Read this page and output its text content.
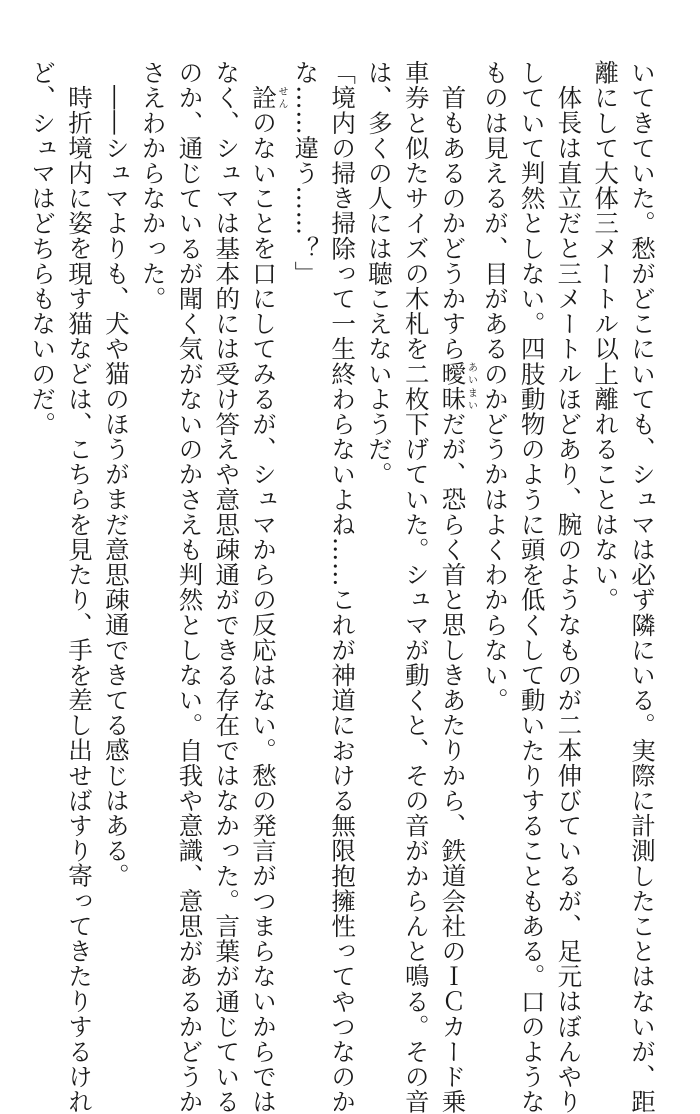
いてきていた。愁がどこにいても、シュマは必ず隣にいる。実際に計測したことはないが、距
離にして大体三メートル以上離れることはない。
体長は直立だと三メートルほどあり、腕のようなものが二本伸びているが、足元はぼんやり
していて判然としない。四肢動物のように頭を低くして動いたりすることもある。口のような
ものは見えるが、目があるのかどうかはよくわからない。
首もあるのかどうかすら曖昧あいまいだが、恐らく首と思しきあたりから、鉄道会社のＩＣカード乗
車券と似たサイズの木札を二枚下げていた。シュマが動くと、その音がからんと鳴る。その音
は、多くの人には聴こえないようだ。
「境内の掃き掃除って一生終わらないよね……これが神道における無限抱擁性ってやつなのか
な……違う……？」
詮せんのないことを口にしてみるが、シュマからの反応はない。愁の発言がつまらないからでは
なく、シュマは基本的には受け答えや意思疎通ができる存在ではなかった。言葉が通じている
のか、通じているが聞く気がないのかさえも判然としない。自我や意識、意思があるかどうか
さえわからなかった。
――シュマよりも、犬や猫のほうがまだ意思疎通できてる感じはある。
時折境内に姿を現す猫などは、こちらを見たり、手を差し出せばすり寄ってきたりするけれ
ど、シュマはどちらもないのだ。
